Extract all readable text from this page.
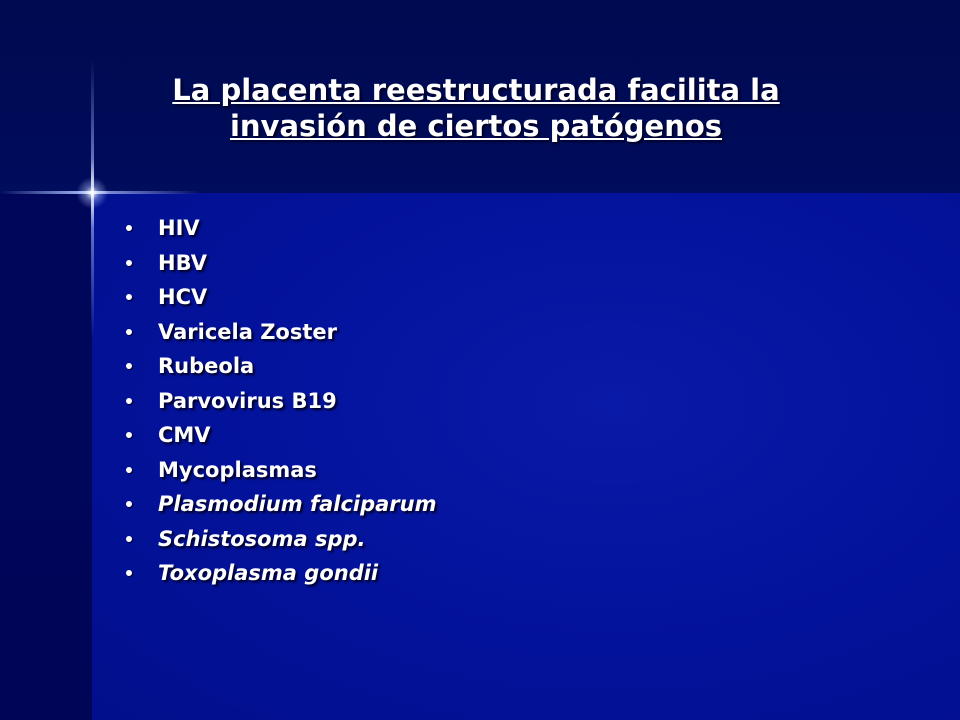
La placenta reestructurada facilita la
invasión de ciertos patógenos
HIV
HBV
HCV
Varicela Zoster
Rubeola
Parvovirus B19
CMV
Mycoplasmas
Plasmodium falciparum
Schistosoma spp.
Toxoplasma gondii
